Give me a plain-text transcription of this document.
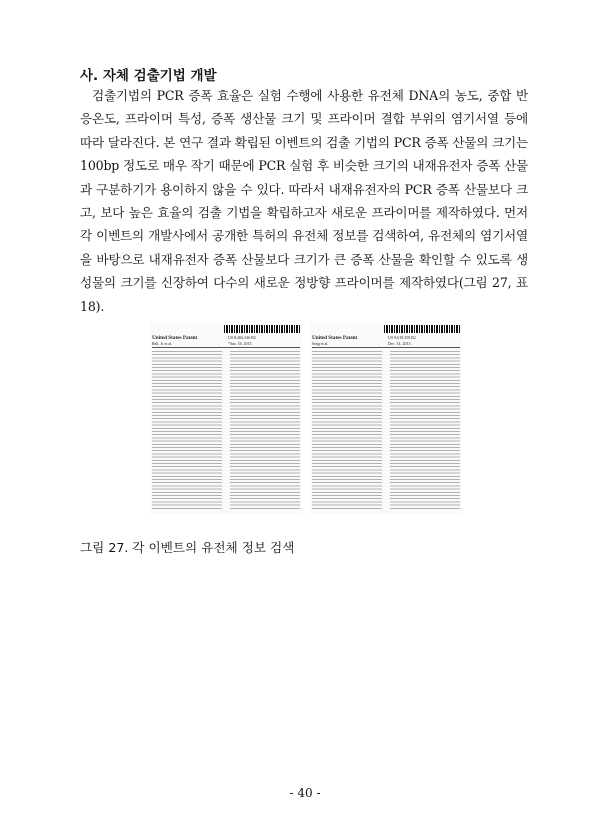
사. 자체 검출기법 개발

검출기법의 PCR 증폭 효율은 실험 수행에 사용한 유전체 DNA의 농도, 중합 반응온도, 프라이머 특성, 증폭 생산물 크기 및 프라이머 결합 부위의 염기서열 등에 따라 달라진다. 본 연구 결과 확립된 이벤트의 검출 기법의 PCR 증폭 산물의 크기는 100bp 정도로 매우 작기 때문에 PCR 실험 후 비슷한 크기의 내재유전자 증폭 산물과 구분하기가 용이하지 않을 수 있다. 따라서 내재유전자의 PCR 증폭 산물보다 크고, 보다 높은 효율의 검출 기법을 확립하고자 새로운 프라이머를 제작하였다. 먼저 각 이벤트의 개발사에서 공개한 특허의 유전체 정보를 검색하여, 유전체의 염기서열을 바탕으로 내재유전자 증폭 산물보다 크기가 큰 증폭 산물을 확인할 수 있도록 생성물의 크기를 신장하여 다수의 새로운 정방향 프라이머를 제작하였다(그림 27, 표 18).

United States Patent
Bell, Jr. et al.
US 8,466,346 B2
*Jun. 18, 2013
United States Patent
Song et al.
US 8,618,358 B2
Dec. 31, 2013
그림 27. 각 이벤트의 유전체 정보 검색
- 40 -
